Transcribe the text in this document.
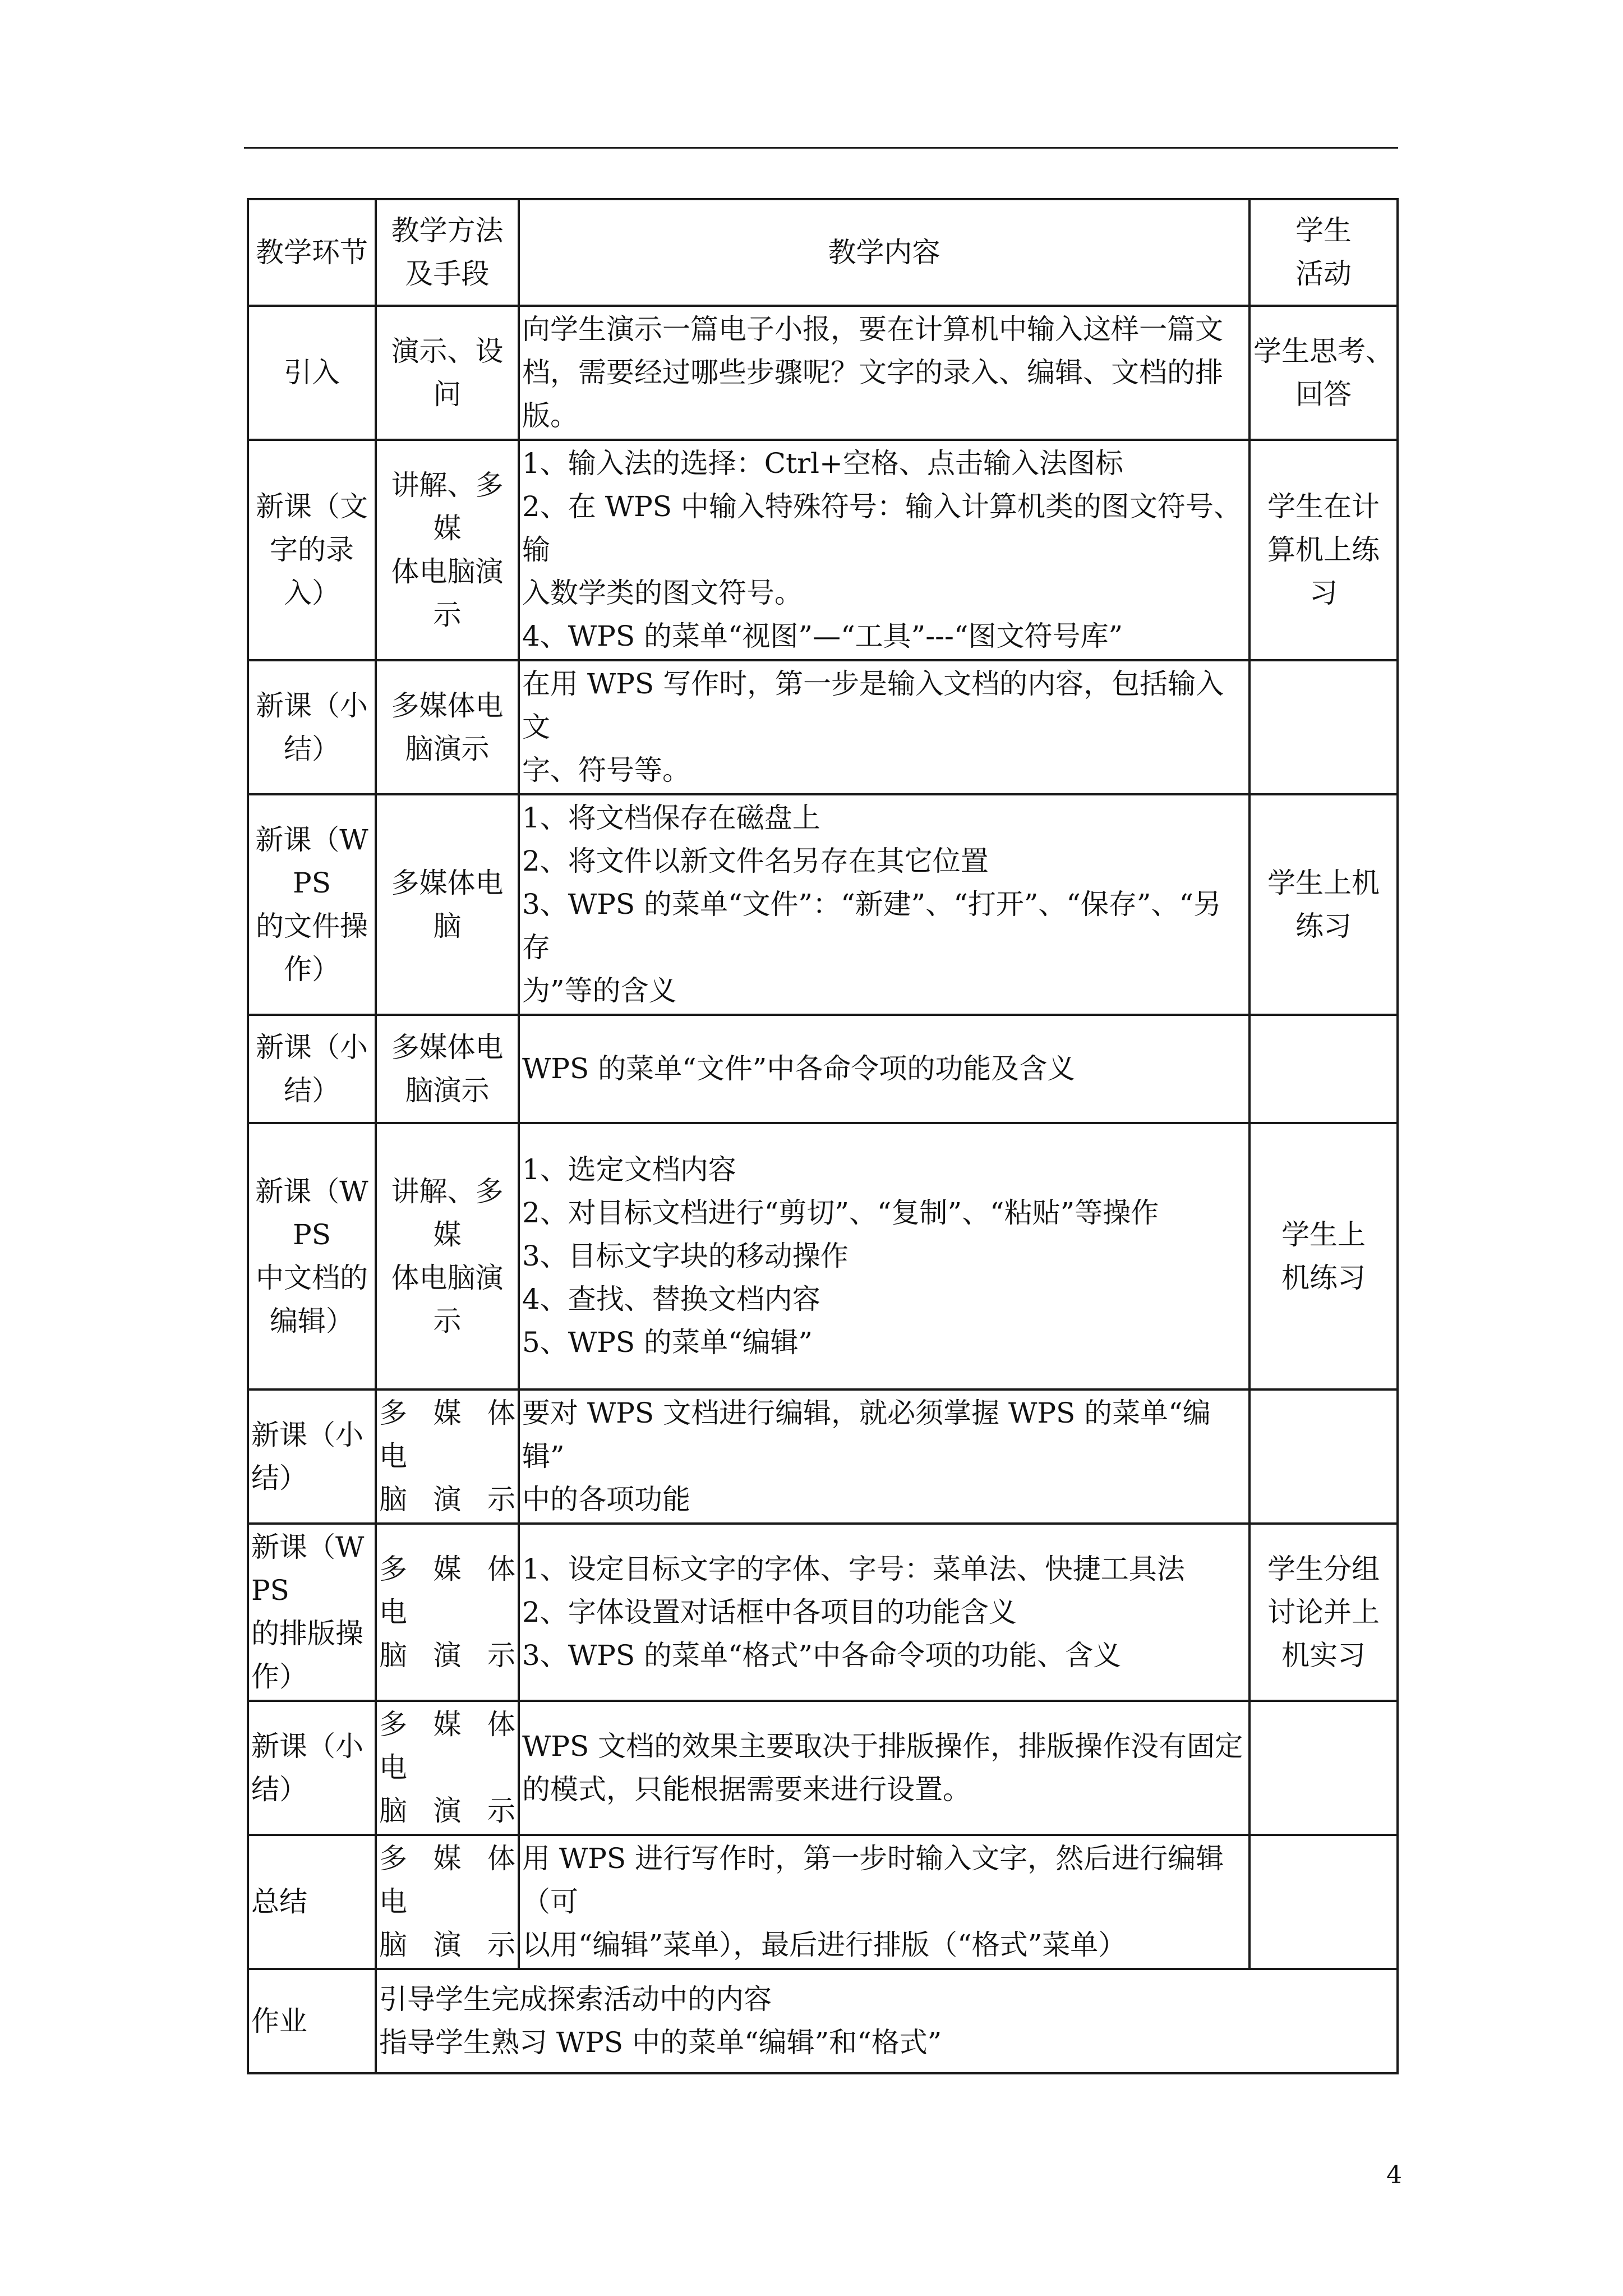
教学环节	教学方法
及手段	教学内容	学生
活动

引入	演示、设问	向学生演示一篇电子小报，要在计算机中输入这样一篇文
档，需要经过哪些步骤呢？文字的录入、编辑、文档的排
版。	学生思考、
回答

新课（文
字的录入）	讲解、多媒
体电脑演
示	1、输入法的选择：Ctrl+空格、点击输入法图标
2、在 WPS 中输入特殊符号：输入计算机类的图文符号、输
入数学类的图文符号。
4、WPS 的菜单“视图”—“工具”---“图文符号库”	学生在计
算机上练
习

新课（小
结）	多媒体电
脑演示	在用 WPS 写作时，第一步是输入文档的内容，包括输入文
字、符号等。	

新课（WPS
的文件操
作）	多媒体电
脑	1、将文档保存在磁盘上
2、将文件以新文件名另存在其它位置
3、WPS 的菜单“文件”：“新建”、“打开”、“保存”、“另存
为”等的含义	学生上机
练习

新课（小
结）	多媒体电
脑演示	WPS 的菜单“文件”中各命令项的功能及含义	

新课（WPS
中文档的
编辑）	讲解、多媒
体电脑演
示	1、选定文档内容
2、对目标文档进行“剪切”、“复制”、“粘贴”等操作
3、目标文字块的移动操作
4、查找、替换文档内容
5、WPS 的菜单“编辑”	学生上
机练习

新课（小
结）	多 媒 体 电
脑演示	要对 WPS 文档进行编辑，就必须掌握 WPS 的菜单“编辑”
中的各项功能	

新课（WPS
的排版操
作）	多 媒 体 电
脑演示	1、设定目标文字的字体、字号：菜单法、快捷工具法
2、字体设置对话框中各项目的功能含义
3、WPS 的菜单“格式”中各命令项的功能、含义	学生分组
讨论并上
机实习

新课（小
结）	多 媒 体 电
脑演示	WPS 文档的效果主要取决于排版操作，排版操作没有固定
的模式，只能根据需要来进行设置。	

总结	多 媒 体 电
脑演示	用 WPS 进行写作时，第一步时输入文字，然后进行编辑（可
以用“编辑”菜单），最后进行排版（“格式”菜单）	

作业	引导学生完成探索活动中的内容
指导学生熟习 WPS 中的菜单“编辑”和“格式”		
4
